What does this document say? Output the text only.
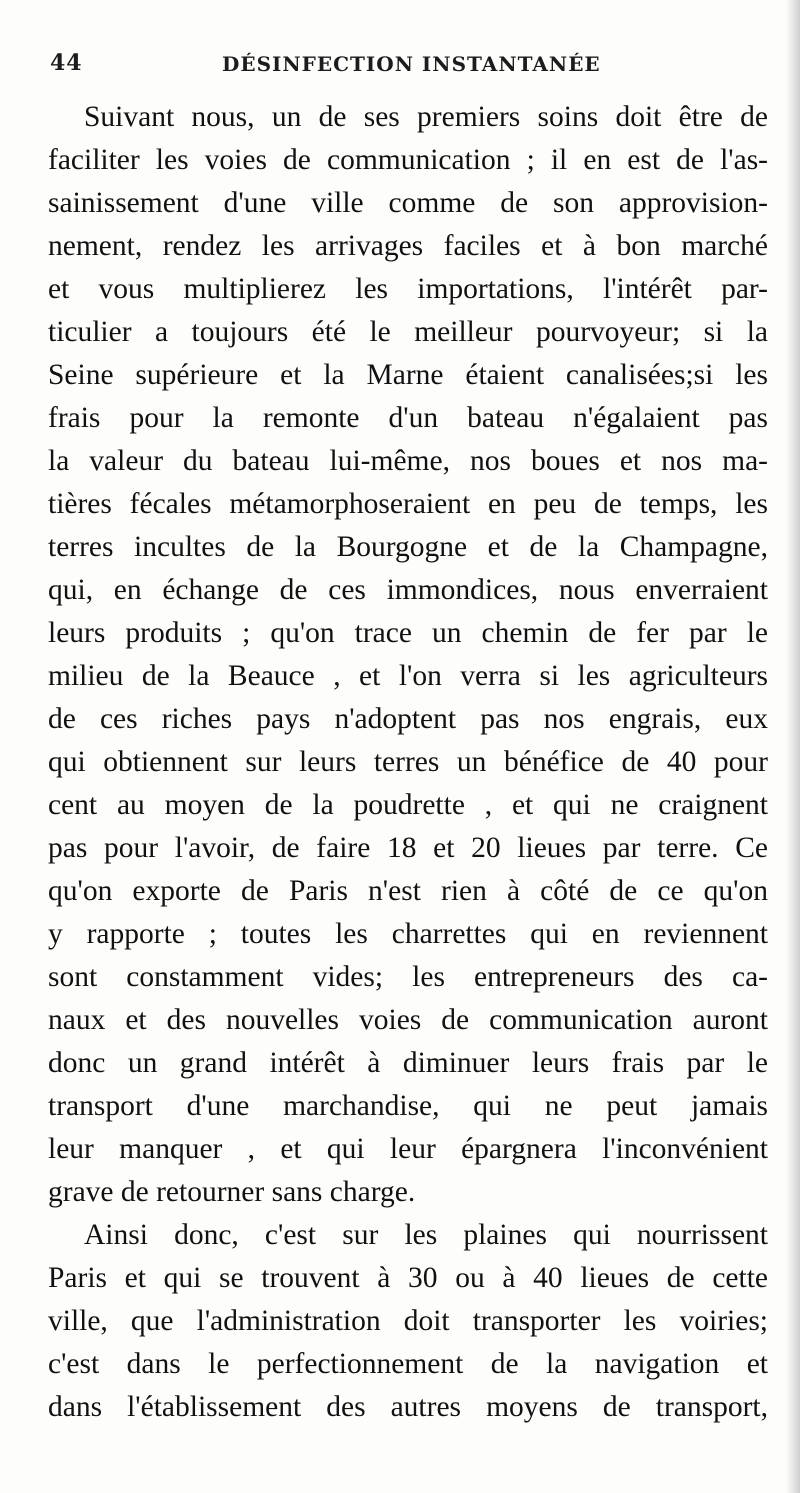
44	DÉSINFECTION INSTANTANÉE
Suivant nous, un de ses premiers soins doit être de
faciliter les voies de communication ; il en est de l'as-
sainissement d'une ville comme de son approvision-
nement, rendez les arrivages faciles et à bon marché
et vous multiplierez les importations, l'intérêt par-
ticulier a toujours été le meilleur pourvoyeur; si la
Seine supérieure et la Marne étaient canalisées;si les
frais pour la remonte d'un bateau n'égalaient pas
la valeur du bateau lui-même, nos boues et nos ma-
tières fécales métamorphoseraient en peu de temps, les
terres incultes de la Bourgogne et de la Champagne,
qui, en échange de ces immondices, nous enverraient
leurs produits ; qu'on trace un chemin de fer par le
milieu de la Beauce , et l'on verra si les agriculteurs
de ces riches pays n'adoptent pas nos engrais, eux
qui obtiennent sur leurs terres un bénéfice de 40 pour
cent au moyen de la poudrette , et qui ne craignent
pas pour l'avoir, de faire 18 et 20 lieues par terre. Ce
qu'on exporte de Paris n'est rien à côté de ce qu'on
y rapporte ; toutes les charrettes qui en reviennent
sont constamment vides; les entrepreneurs des ca-
naux et des nouvelles voies de communication auront
donc un grand intérêt à diminuer leurs frais par le
transport d'une marchandise, qui ne peut jamais
leur manquer , et qui leur épargnera l'inconvénient
grave de retourner sans charge.
Ainsi donc, c'est sur les plaines qui nourrissent
Paris et qui se trouvent à 30 ou à 40 lieues de cette
ville, que l'administration doit transporter les voiries;
c'est dans le perfectionnement de la navigation et
dans l'établissement des autres moyens de transport,
